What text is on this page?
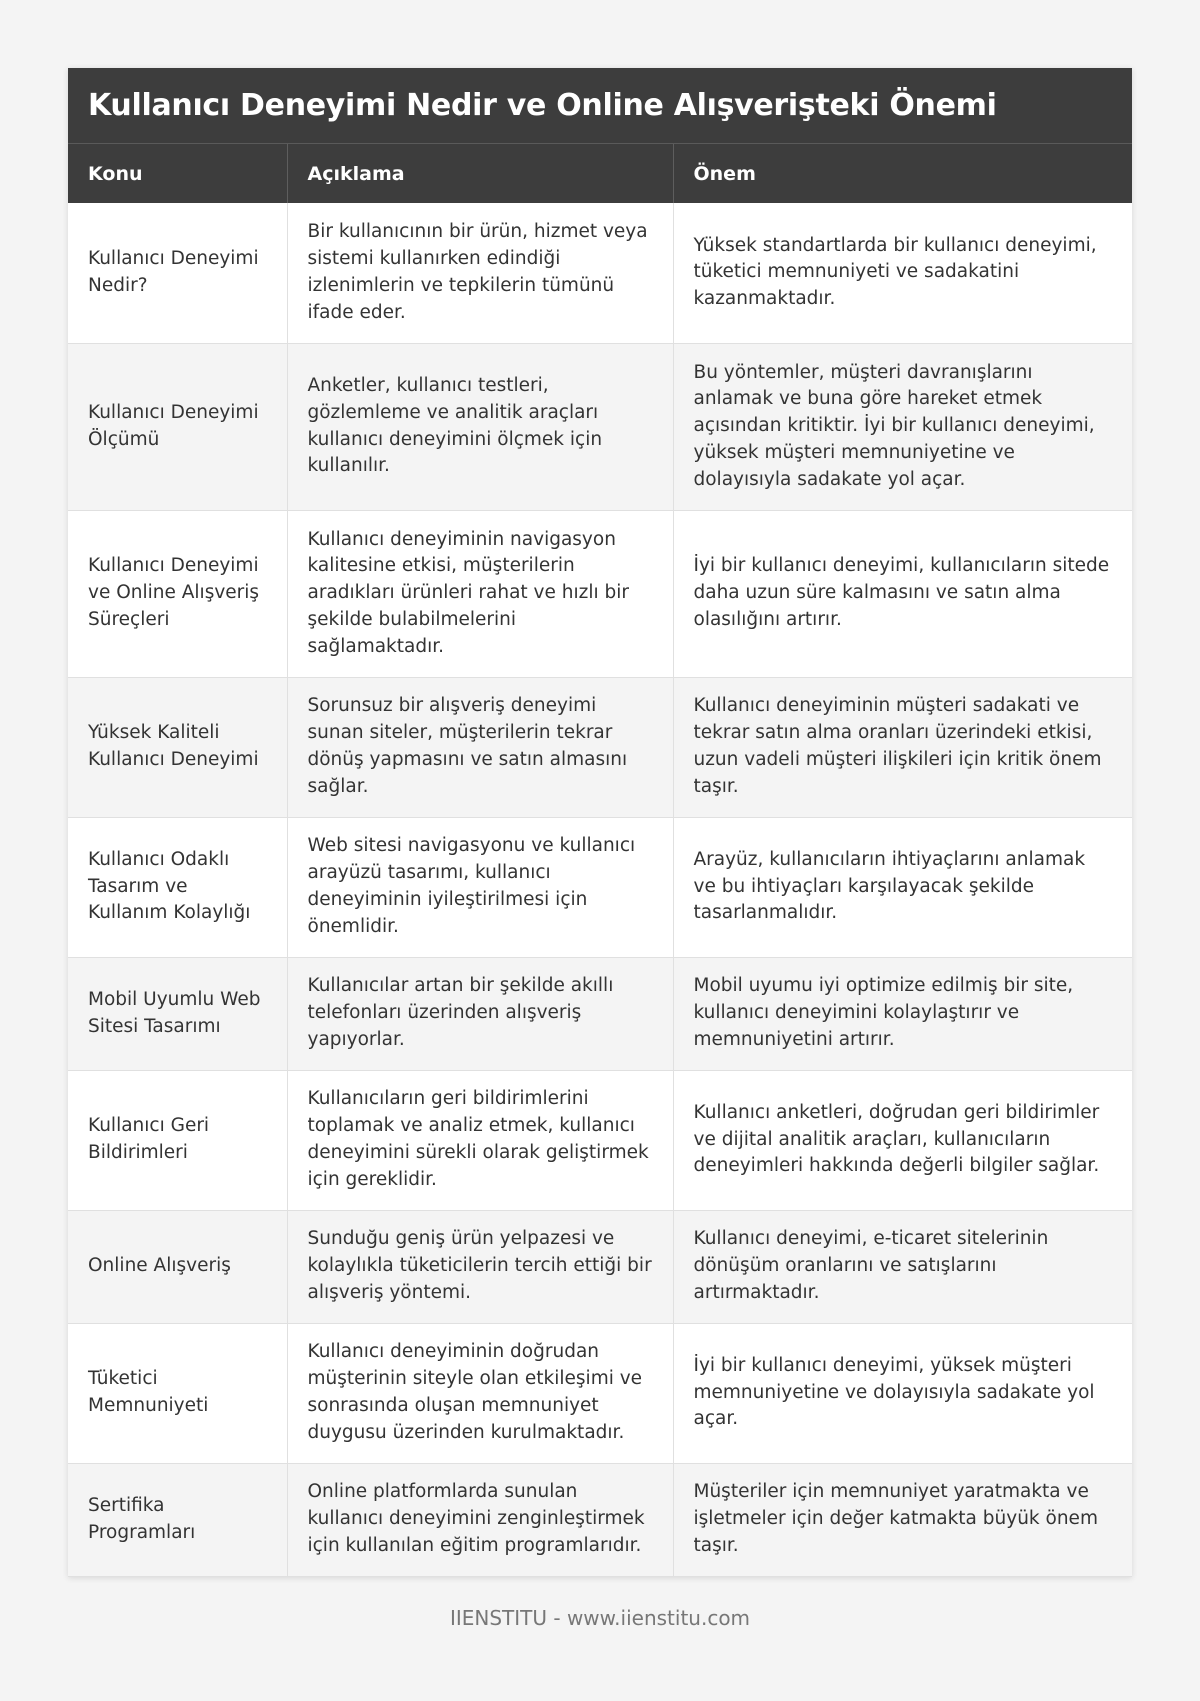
Kullanıcı Deneyimi Nedir ve Online Alışverişteki Önemi
Konu	Açıklama	Önem
Kullanıcı Deneyimi Nedir?	Bir kullanıcının bir ürün, hizmet veya sistemi kullanırken edindiği izlenimlerin ve tepkilerin tümünü ifade eder.	Yüksek standartlarda bir kullanıcı deneyimi, tüketici memnuniyeti ve sadakatini kazanmaktadır.
Kullanıcı Deneyimi Ölçümü	Anketler, kullanıcı testleri, gözlemleme ve analitik araçları kullanıcı deneyimini ölçmek için kullanılır.	Bu yöntemler, müşteri davranışlarını anlamak ve buna göre hareket etmek açısından kritiktir. İyi bir kullanıcı deneyimi, yüksek müşteri memnuniyetine ve dolayısıyla sadakate yol açar.
Kullanıcı Deneyimi ve Online Alışveriş Süreçleri	Kullanıcı deneyiminin navigasyon kalitesine etkisi, müşterilerin aradıkları ürünleri rahat ve hızlı bir şekilde bulabilmelerini sağlamaktadır.	İyi bir kullanıcı deneyimi, kullanıcıların sitede daha uzun süre kalmasını ve satın alma olasılığını artırır.
Yüksek Kaliteli Kullanıcı Deneyimi	Sorunsuz bir alışveriş deneyimi sunan siteler, müşterilerin tekrar dönüş yapmasını ve satın almasını sağlar.	Kullanıcı deneyiminin müşteri sadakati ve tekrar satın alma oranları üzerindeki etkisi, uzun vadeli müşteri ilişkileri için kritik önem taşır.
Kullanıcı Odaklı Tasarım ve Kullanım Kolaylığı	Web sitesi navigasyonu ve kullanıcı arayüzü tasarımı, kullanıcı deneyiminin iyileştirilmesi için önemlidir.	Arayüz, kullanıcıların ihtiyaçlarını anlamak ve bu ihtiyaçları karşılayacak şekilde tasarlanmalıdır.
Mobil Uyumlu Web Sitesi Tasarımı	Kullanıcılar artan bir şekilde akıllı telefonları üzerinden alışveriş yapıyorlar.	Mobil uyumu iyi optimize edilmiş bir site, kullanıcı deneyimini kolaylaştırır ve memnuniyetini artırır.
Kullanıcı Geri Bildirimleri	Kullanıcıların geri bildirimlerini toplamak ve analiz etmek, kullanıcı deneyimini sürekli olarak geliştirmek için gereklidir.	Kullanıcı anketleri, doğrudan geri bildirimler ve dijital analitik araçları, kullanıcıların deneyimleri hakkında değerli bilgiler sağlar.
Online Alışveriş	Sunduğu geniş ürün yelpazesi ve kolaylıkla tüketicilerin tercih ettiği bir alışveriş yöntemi.	Kullanıcı deneyimi, e-ticaret sitelerinin dönüşüm oranlarını ve satışlarını artırmaktadır.
Tüketici Memnuniyeti	Kullanıcı deneyiminin doğrudan müşterinin siteyle olan etkileşimi ve sonrasında oluşan memnuniyet duygusu üzerinden kurulmaktadır.	İyi bir kullanıcı deneyimi, yüksek müşteri memnuniyetine ve dolayısıyla sadakate yol açar.
Sertifika Programları	Online platformlarda sunulan kullanıcı deneyimini zenginleştirmek için kullanılan eğitim programlarıdır.	Müşteriler için memnuniyet yaratmakta ve işletmeler için değer katmakta büyük önem taşır.
IIENSTITU - www.iienstitu.com
